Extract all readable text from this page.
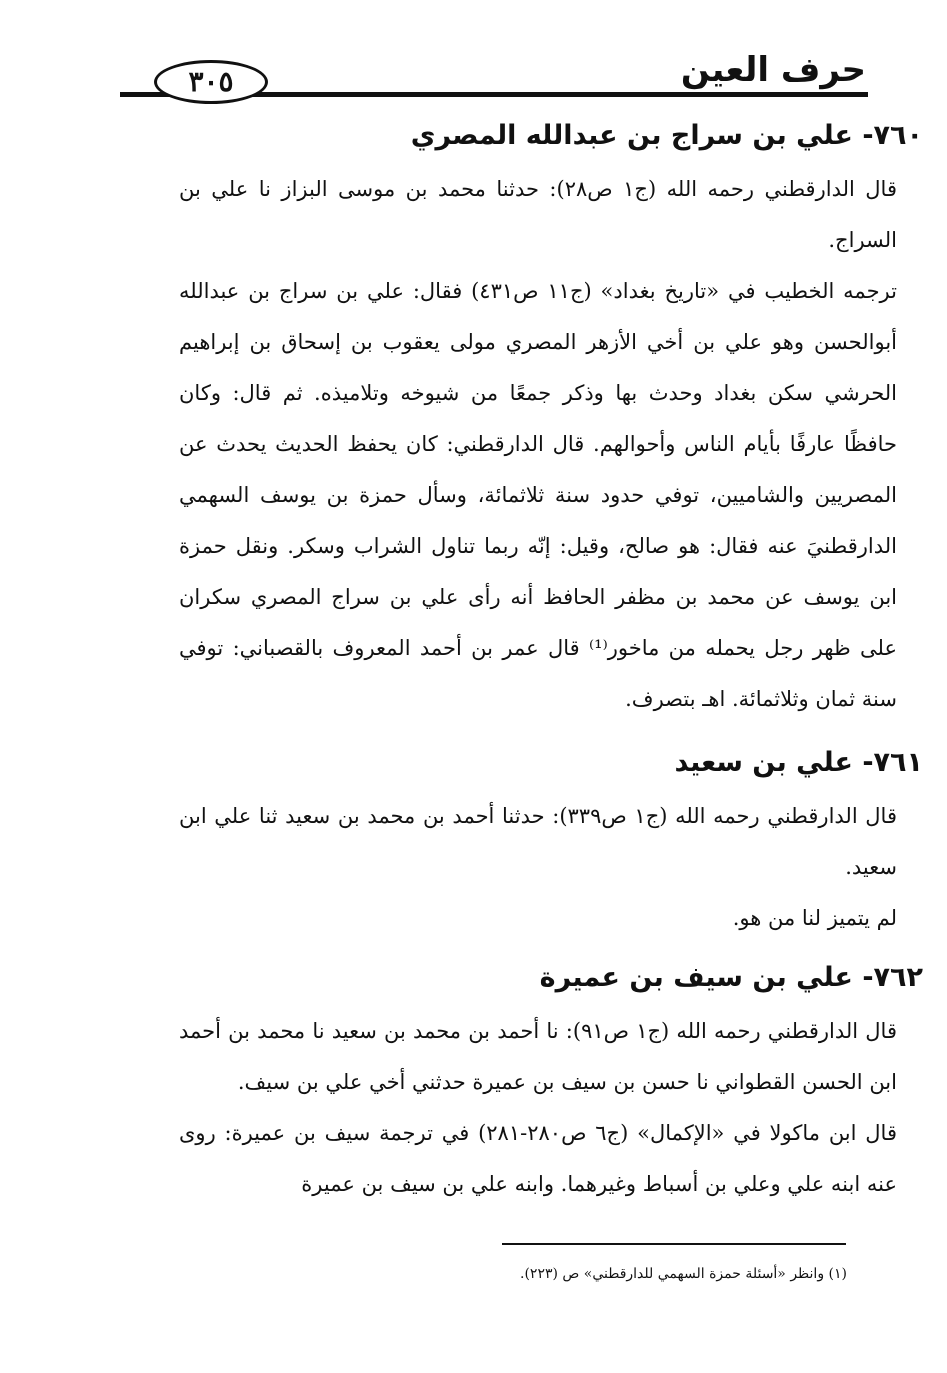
حرف العين
٣٠٥
٧٦٠- علي بن سراج بن عبدالله المصري

قال الدارقطني رحمه الله (ج١ ص٢٨): حدثنا محمد بن موسى البزاز نا علي بن السراج.

ترجمه الخطيب في «تاريخ بغداد» (ج١١ ص٤٣١) فقال: علي بن سراج بن عبدالله أبوالحسن وهو علي بن أخي الأزهر المصري مولى يعقوب بن إسحاق بن إبراهيم الحرشي سكن بغداد وحدث بها وذكر جمعًا من شيوخه وتلاميذه. ثم قال: وكان حافظًا عارفًا بأيام الناس وأحوالهم. قال الدارقطني: كان يحفظ الحديث يحدث عن المصريين والشاميين، توفي حدود سنة ثلاثمائة، وسأل حمزة بن يوسف السهمي الدارقطنيَ عنه فقال: هو صالح، وقيل: إنّه ربما تناول الشراب وسكر. ونقل حمزة ابن يوسف عن محمد بن مظفر الحافظ أنه رأى علي بن سراج المصري سكران على ظهر رجل يحمله من ماخور⁽¹⁾ قال عمر بن أحمد المعروف بالقصباني: توفي سنة ثمان وثلاثمائة. اهـ بتصرف.

٧٦١- علي بن سعيد

قال الدارقطني رحمه الله (ج١ ص٣٣٩): حدثنا أحمد بن محمد بن سعيد ثنا علي ابن سعيد.

لم يتميز لنا من هو.

٧٦٢- علي بن سيف بن عميرة

قال الدارقطني رحمه الله (ج١ ص٩١): نا أحمد بن محمد بن سعيد نا محمد بن أحمد ابن الحسن القطواني نا حسن بن سيف بن عميرة حدثني أخي علي بن سيف.

قال ابن ماكولا في «الإكمال» (ج٦ ص٢٨٠-٢٨١) في ترجمة سيف بن عميرة: روى عنه ابنه علي وعلي بن أسباط وغيرهما. وابنه علي بن سيف بن عميرة

(١) وانظر «أسئلة حمزة السهمي للدارقطني» ص (٢٢٣).
